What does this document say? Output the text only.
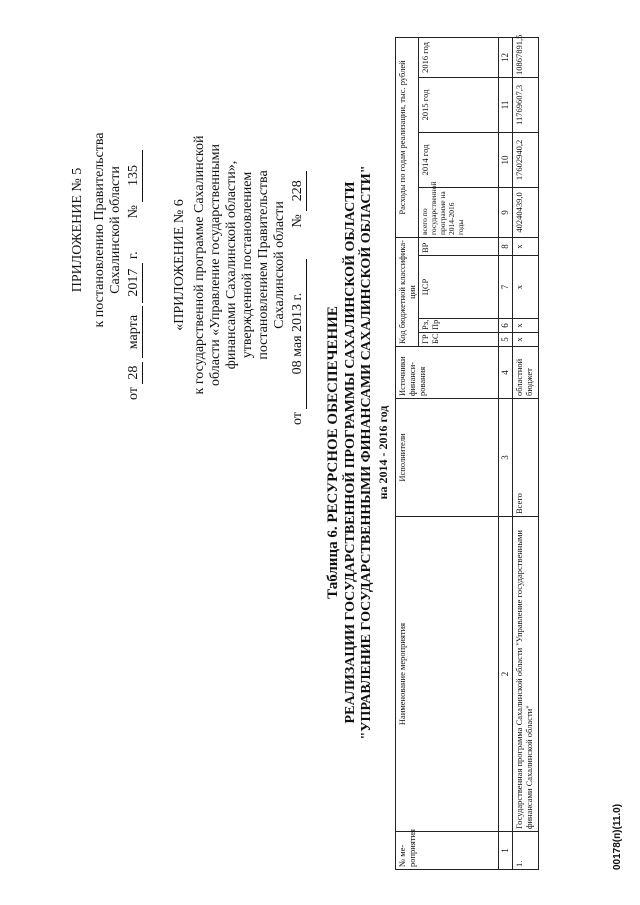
ПРИЛОЖЕНИЕ № 5 к постановлению Правительства Сахалинской области
от 28 марта 2017 г.  № 135
«ПРИЛОЖЕНИЕ № 6 к государственной программе Сахалинской области «Управление государственными финансами Сахалинской области», утвержденной постановлением постановлением Правительства Сахалинской области
от 08 мая 2013 г.  № 228
Таблица 6. РЕСУРСНОЕ ОБЕСПЕЧЕНИЕ РЕАЛИЗАЦИИ ГОСУДАРСТВЕННОЙ ПРОГРАММЫ САХАЛИНСКОЙ ОБЛАСТИ "УПРАВЛЕНИЕ ГОСУДАРСТВЕННЫМИ ФИНАНСАМИ САХАЛИНСКОЙ ОБЛАСТИ" на 2014 - 2016 год
№ ме-роприятия	Наименование мероприятия	Исполнители	Источники финанси-рования	Код бюджетной классифика-ции				Расходы по годам реализации, тыс. рублей			
				ГР БС	Рз, Пр	ЦСР	ВР	всего по государственной программе на 2014-2016 годы	2014 год	2015 год	2016 год

1	2	3	4	5	6	7	8	9	10	11	12
1.	Государственная программа Сахалинской области "Управление государственными финансами Сахалинской области"	Всего	областной бюджет	х	х	х	х	40240439,0	17602940,2	11769607,3	10867891,5
00178(п)(11.0)
